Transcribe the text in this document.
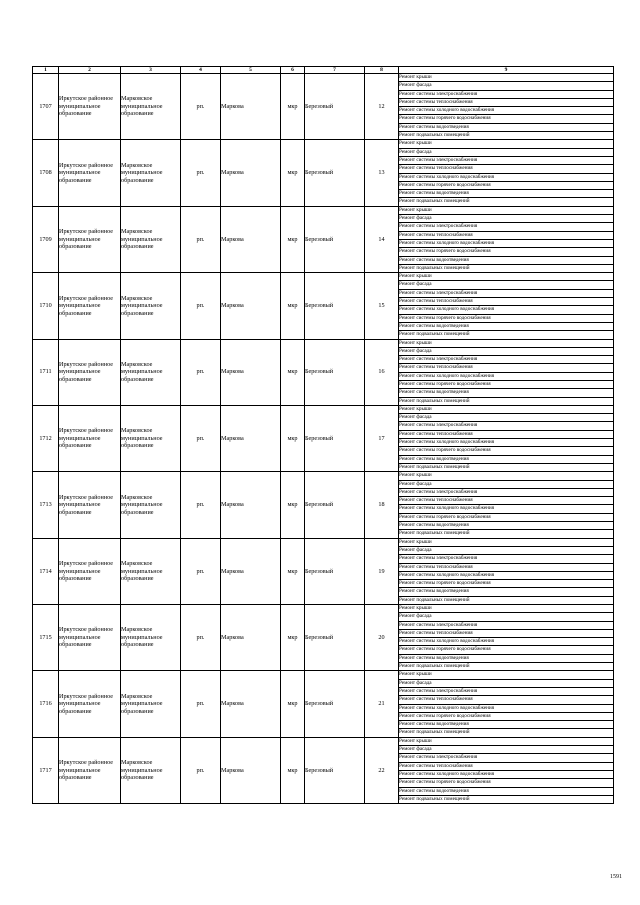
1	2	3	4	5	6	7	8	9
1707	Иркутское районное муниципальное образование	Марковское муниципальное образование	рп.	Маркова	мкр	Березовый	12	Ремонт крыши
								Ремонт фасада
								Ремонт системы электроснабжения
								Ремонт системы теплоснабжения
								Ремонт системы холодного водоснабжения
								Ремонт системы горячего водоснабжения
								Ремонт системы водоотведения
								Ремонт подвальных помещений
1708	Иркутское районное муниципальное образование	Марковское муниципальное образование	рп.	Маркова	мкр	Березовый	13	Ремонт крыши
								Ремонт фасада
								Ремонт системы электроснабжения
								Ремонт системы теплоснабжения
								Ремонт системы холодного водоснабжения
								Ремонт системы горячего водоснабжения
								Ремонт системы водоотведения
								Ремонт подвальных помещений
1709	Иркутское районное муниципальное образование	Марковское муниципальное образование	рп.	Маркова	мкр	Березовый	14	Ремонт крыши
								Ремонт фасада
								Ремонт системы электроснабжения
								Ремонт системы теплоснабжения
								Ремонт системы холодного водоснабжения
								Ремонт системы горячего водоснабжения
								Ремонт системы водоотведения
								Ремонт подвальных помещений
1710	Иркутское районное муниципальное образование	Марковское муниципальное образование	рп.	Маркова	мкр	Березовый	15	Ремонт крыши
								Ремонт фасада
								Ремонт системы электроснабжения
								Ремонт системы теплоснабжения
								Ремонт системы холодного водоснабжения
								Ремонт системы горячего водоснабжения
								Ремонт системы водоотведения
								Ремонт подвальных помещений
1711	Иркутское районное муниципальное образование	Марковское муниципальное образование	рп.	Маркова	мкр	Березовый	16	Ремонт крыши
								Ремонт фасада
								Ремонт системы электроснабжения
								Ремонт системы теплоснабжения
								Ремонт системы холодного водоснабжения
								Ремонт системы горячего водоснабжения
								Ремонт системы водоотведения
								Ремонт подвальных помещений
1712	Иркутское районное муниципальное образование	Марковское муниципальное образование	рп.	Маркова	мкр	Березовый	17	Ремонт крыши
								Ремонт фасада
								Ремонт системы электроснабжения
								Ремонт системы теплоснабжения
								Ремонт системы холодного водоснабжения
								Ремонт системы горячего водоснабжения
								Ремонт системы водоотведения
								Ремонт подвальных помещений
1713	Иркутское районное муниципальное образование	Марковское муниципальное образование	рп.	Маркова	мкр	Березовый	18	Ремонт крыши
								Ремонт фасада
								Ремонт системы электроснабжения
								Ремонт системы теплоснабжения
								Ремонт системы холодного водоснабжения
								Ремонт системы горячего водоснабжения
								Ремонт системы водоотведения
								Ремонт подвальных помещений
1714	Иркутское районное муниципальное образование	Марковское муниципальное образование	рп.	Маркова	мкр	Березовый	19	Ремонт крыши
								Ремонт фасада
								Ремонт системы электроснабжения
								Ремонт системы теплоснабжения
								Ремонт системы холодного водоснабжения
								Ремонт системы горячего водоснабжения
								Ремонт системы водоотведения
								Ремонт подвальных помещений
1715	Иркутское районное муниципальное образование	Марковское муниципальное образование	рп.	Маркова	мкр	Березовый	20	Ремонт крыши
								Ремонт фасада
								Ремонт системы электроснабжения
								Ремонт системы теплоснабжения
								Ремонт системы холодного водоснабжения
								Ремонт системы горячего водоснабжения
								Ремонт системы водоотведения
								Ремонт подвальных помещений
1716	Иркутское районное муниципальное образование	Марковское муниципальное образование	рп.	Маркова	мкр	Березовый	21	Ремонт крыши
								Ремонт фасада
								Ремонт системы электроснабжения
								Ремонт системы теплоснабжения
								Ремонт системы холодного водоснабжения
								Ремонт системы горячего водоснабжения
								Ремонт системы водоотведения
								Ремонт подвальных помещений
1717	Иркутское районное муниципальное образование	Марковское муниципальное образование	рп.	Маркова	мкр	Березовый	22	Ремонт крыши
								Ремонт фасада
								Ремонт системы электроснабжения
								Ремонт системы теплоснабжения
								Ремонт системы холодного водоснабжения
								Ремонт системы горячего водоснабжения
								Ремонт системы водоотведения
								Ремонт подвальных помещений
1591
